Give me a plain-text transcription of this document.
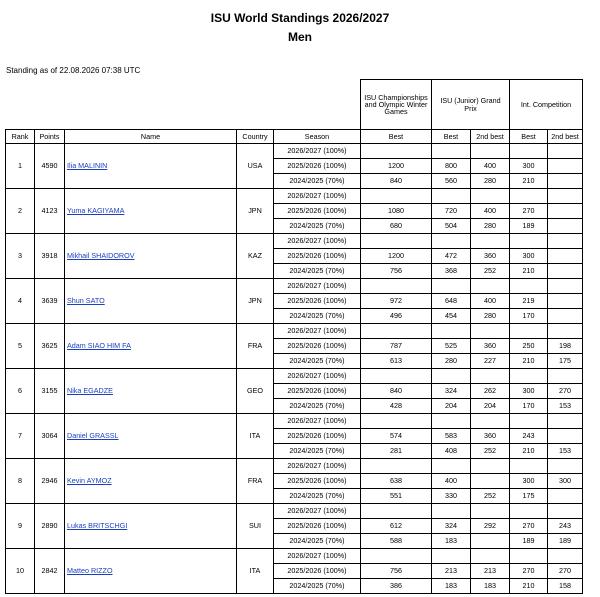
ISU World Standings 2026/2027
Men
Standing as of 22.08.2026 07:38 UTC
					ISU Championships and Olympic Winter Games	ISU (Junior) Grand Prix		Int. Competition	
Rank	Points	Name	Country	Season	Best	Best	2nd best	Best	2nd best
1	4590	Ilia MALININ	USA	2026/2027 (100%)					
				2025/2026 (100%)	1200	800	400	300	
				2024/2025 (70%)	840	560	280	210	
2	4123	Yuma KAGIYAMA	JPN	2026/2027 (100%)					
				2025/2026 (100%)	1080	720	400	270	
				2024/2025 (70%)	680	504	280	189	
3	3918	Mikhail SHAIDOROV	KAZ	2026/2027 (100%)					
				2025/2026 (100%)	1200	472	360	300	
				2024/2025 (70%)	756	368	252	210	
4	3639	Shun SATO	JPN	2026/2027 (100%)					
				2025/2026 (100%)	972	648	400	219	
				2024/2025 (70%)	496	454	280	170	
5	3625	Adam SIAO HIM FA	FRA	2026/2027 (100%)					
				2025/2026 (100%)	787	525	360	250	198
				2024/2025 (70%)	613	280	227	210	175
6	3155	Nika EGADZE	GEO	2026/2027 (100%)					
				2025/2026 (100%)	840	324	262	300	270
				2024/2025 (70%)	428	204	204	170	153
7	3064	Daniel GRASSL	ITA	2026/2027 (100%)					
				2025/2026 (100%)	574	583	360	243	
				2024/2025 (70%)	281	408	252	210	153
8	2946	Kevin AYMOZ	FRA	2026/2027 (100%)					
				2025/2026 (100%)	638	400		300	300
				2024/2025 (70%)	551	330	252	175	
9	2890	Lukas BRITSCHGI	SUI	2026/2027 (100%)					
				2025/2026 (100%)	612	324	292	270	243
				2024/2025 (70%)	588	183		189	189
10	2842	Matteo RIZZO	ITA	2026/2027 (100%)					
				2025/2026 (100%)	756	213	213	270	270
				2024/2025 (70%)	386	183	183	210	158
